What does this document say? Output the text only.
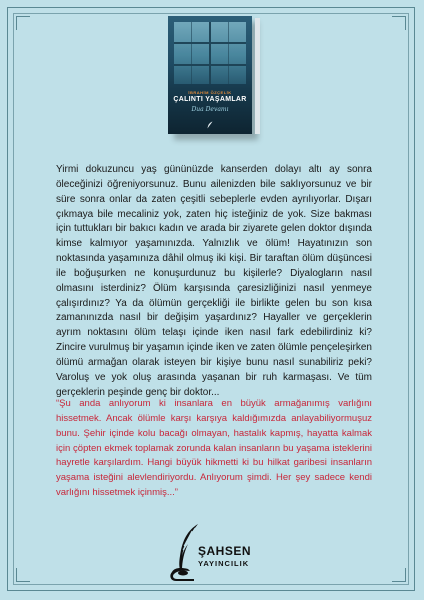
İBRAHİM ÖZÇELİK
ÇALINTI YAŞAMLAR
Dua Devamı

Yirmi dokuzuncu yaş gününüzde kanserden dolayı altı ay sonra öleceğinizi öğreniyorsunuz. Bunu ailenizden bile saklıyorsunuz ve bir süre sonra onlar da zaten çeşitli sebeplerle evden ayrılıyorlar. Dışarı çıkmaya bile mecaliniz yok, zaten hiç isteğiniz de yok. Size bakması için tuttukları bir bakıcı kadın ve arada bir ziyarete gelen doktor dışında kimse kalmıyor yaşamınızda. Yalnızlık ve ölüm! Hayatınızın son noktasında yaşamınıza dâhil olmuş iki kişi. Bir taraftan ölüm düşüncesi ile boğuşurken ne konuşurdunuz bu kişilerle? Diyalogların nasıl olmasını isterdiniz? Ölüm karşısında çaresizliğinizi nasıl yenmeye çalışırdınız? Ya da ölümün gerçekliği ile birlikte gelen bu son kısa zamanınızda nasıl bir değişim yaşardınız? Hayaller ve gerçeklerin ayrım noktasını ölüm telaşı içinde iken nasıl fark edebilirdiniz ki? Zincire vurulmuş bir yaşamın içinde iken ve zaten ölümle pençeleşirken ölümü armağan olarak isteyen bir kişiye bunu nasıl sunabiliriz peki? Varoluş ve yok oluş arasında yaşanan bir ruh karmaşası. Ve tüm gerçeklerin peşinde genç bir doktor...

“Şu anda anlıyorum ki insanlara en büyük armağanımış varlığını hissetmek. Ancak ölümle karşı karşıya kaldığımızda anlayabiliyormuşuz bunu. Şehir içinde kolu bacağı olmayan, hastalık kapmış, hayatta kalmak için çöpten ekmek toplamak zorunda kalan insanların bu yaşama isteklerini hayretle karşılardım. Hangi büyük hikmetti ki bu hilkat garibesi insanların yaşama isteğini alevlendiriyordu. Anlıyorum şimdi. Her şey sadece kendi varlığını hissetmek içinmiş...”

ŞAHSEN
YAYINCILIK
